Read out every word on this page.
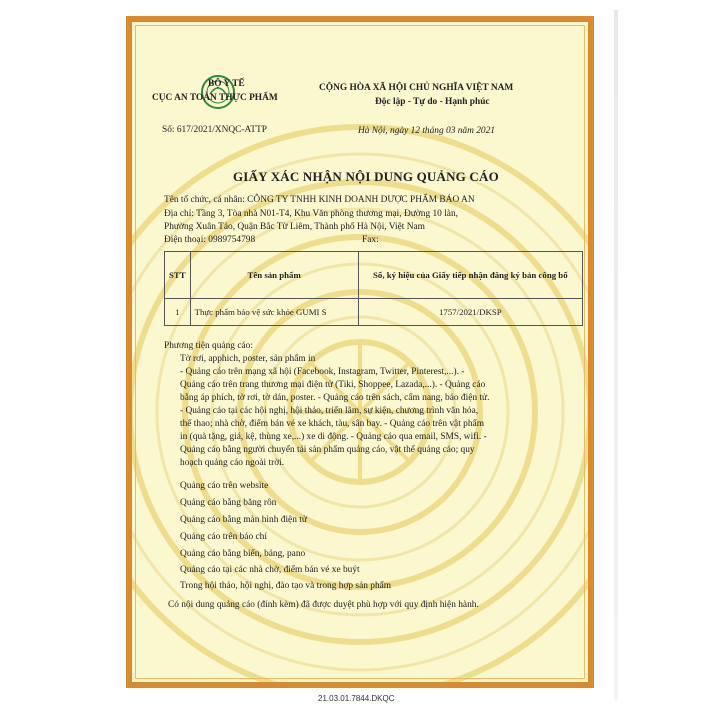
BỘ Y TẾ
CỤC AN TOÀN THỰC PHẨM
Số: 617/2021/XNQC-ATTP
CỘNG HÒA XÃ HỘI CHỦ NGHĨA VIỆT NAM
Độc lập - Tự do - Hạnh phúc
Hà Nội, ngày 12 tháng 03 năm 2021
GIẤY XÁC NHẬN NỘI DUNG QUẢNG CÁO
Tên tổ chức, cá nhân: CÔNG TY TNHH KINH DOANH DƯỢC PHẨM BẢO AN
Địa chỉ: Tầng 3, Tòa nhà N01-T4, Khu Văn phòng thương mại, Đường 10 làn,
Phường Xuân Tảo, Quận Bắc Từ Liêm, Thành phố Hà Nội, Việt Nam
Điện thoại: 0989754798	Fax:
STT	Tên sản phẩm	Số, ký hiệu của Giấy tiếp nhận đăng ký bản công bố
1	Thực phẩm bảo vệ sức khỏe GUMI S	1757/2021/DKSP
Phương tiện quảng cáo:
Tờ rơi, apphich, poster, sản phẩm in
- Quảng cáo trên mạng xã hội (Facebook, Instagram, Twitter, Pinterest,...). -
Quảng cáo trên trang thương mại điện tử (Tiki, Shoppee, Lazada,...). - Quảng cáo
bằng áp phích, tờ rơi, tờ dán, poster. - Quảng cáo trên sách, cẩm nang, báo điện tử.
- Quảng cáo tại các hội nghị, hội thảo, triển lãm, sự kiện, chương trình văn hóa,
thể thao; nhà chờ, điểm bán vé xe khách, tàu, sân bay. - Quảng cáo trên vật phẩm
in (quà tặng, giá, kệ, thùng xe,...) xe di động. - Quảng cáo qua email, SMS, wifi. -
Quảng cáo bằng người chuyển tải sản phẩm quảng cáo, vật thể quảng cáo; quy
hoạch quảng cáo ngoài trời.
Quảng cáo trên website
Quảng cáo bằng băng rôn
Quảng cáo bằng màn hình điện tử
Quảng cáo trên báo chí
Quảng cáo bằng biển, bảng, pano
Quảng cáo tại các nhà chờ, điểm bán vé xe buýt
Trong hội thảo, hội nghị, đào tạo và trong hợp sản phẩm
Có nội dung quảng cáo (đính kèm) đã được duyệt phù hợp với quy định hiện hành.
21.03.01.7844.DKQC
